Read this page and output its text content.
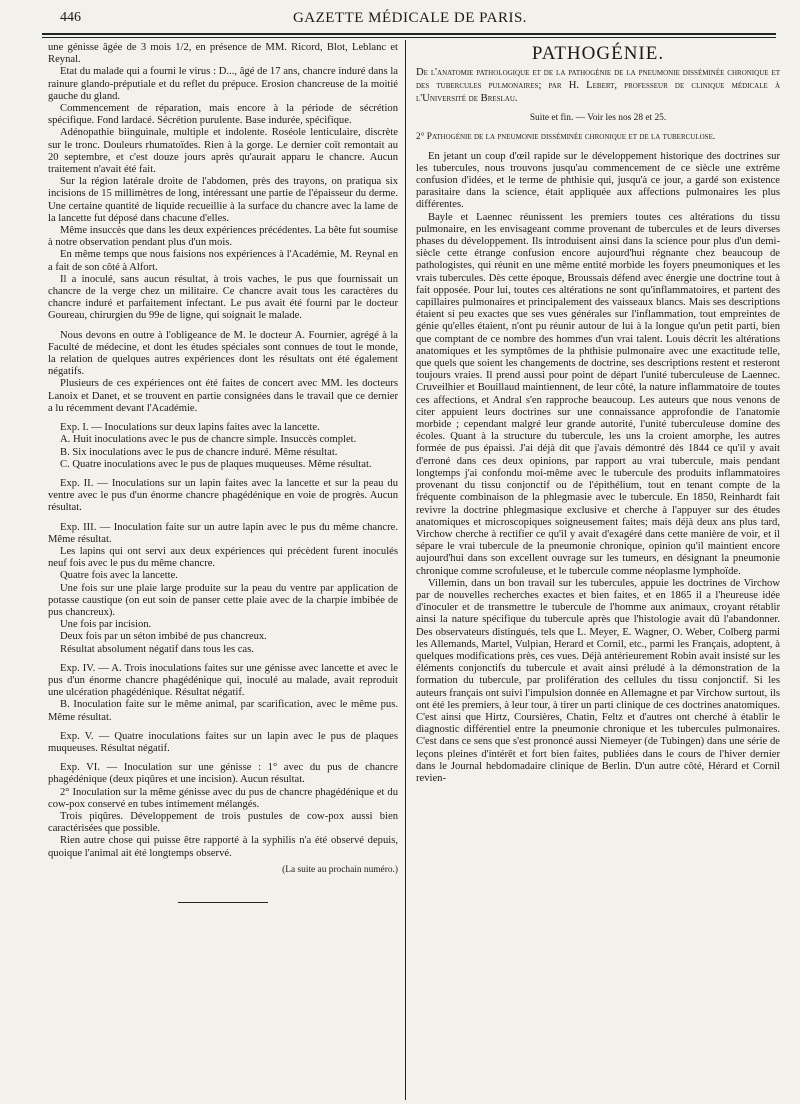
446	GAZETTE MÉDICALE DE PARIS.

une génisse âgée de 3 mois 1/2, en présence de MM. Ricord, Blot, Leblanc et Reynal.

Etat du malade qui a fourni le virus : D..., âgé de 17 ans, chancre induré dans la rainure glando-préputiale et du reflet du prépuce. Erosion chancreuse de la moitié gauche du gland.

Commencement de réparation, mais encore à la période de sécrétion spécifique. Fond lardacé. Sécrétion purulente. Base indurée, spécifique.

Adénopathie biinguinale, multiple et indolente. Roséole lenticulaire, discrète sur le tronc. Douleurs rhumatoïdes. Rien à la gorge. Le dernier coït remontait au 20 septembre, et c'est douze jours après qu'aurait apparu le chancre. Aucun traitement n'avait été fait.

Sur la région latérale droite de l'abdomen, près des trayons, on pratiqua six incisions de 15 millimètres de long, intéressant une partie de l'épaisseur du derme. Une certaine quantité de liquide recueillie à la surface du chancre avec la lame de la lancette fut déposé dans chacune d'elles.

Même insuccès que dans les deux expériences précédentes. La bête fut soumise à notre observation pendant plus d'un mois.

En même temps que nous faisions nos expériences à l'Académie, M. Reynal en a fait de son côté à Alfort.

Il a inoculé, sans aucun résultat, à trois vaches, le pus que fournissait un chancre de la verge chez un militaire. Ce chancre avait tous les caractères du chancre induré et parfaitement infectant. Le pus avait été fourni par le docteur Goureau, chirurgien du 99e de ligne, qui soignait le malade.

Nous devons en outre à l'obligeance de M. le docteur A. Fournier, agrégé à la Faculté de médecine, et dont les études spéciales sont connues de tout le monde, la relation de quelques autres expériences dont les résultats ont été également négatifs.

Plusieurs de ces expériences ont été faites de concert avec MM. les docteurs Lanoix et Danet, et se trouvent en partie consignées dans le travail que ce dernier a lu récemment devant l'Académie.

Exp. I. — Inoculations sur deux lapins faites avec la lancette.

A. Huit inoculations avec le pus de chancre simple. Insuccès complet.

B. Six inoculations avec le pus de chancre induré. Même résultat.

C. Quatre inoculations avec le pus de plaques muqueuses. Même résultat.

Exp. II. — Inoculations sur un lapin faites avec la lancette et sur la peau du ventre avec le pus d'un énorme chancre phagédénique en voie de progrès. Aucun résultat.

Exp. III. — Inoculation faite sur un autre lapin avec le pus du même chancre. Même résultat.

Les lapins qui ont servi aux deux expériences qui précèdent furent inoculés neuf fois avec le pus du même chancre.

Quatre fois avec la lancette.

Une fois sur une plaie large produite sur la peau du ventre par application de potasse caustique (on eut soin de panser cette plaie avec de la charpie imbibée de pus chancreux).

Une fois par incision.

Deux fois par un séton imbibé de pus chancreux.

Résultat absolument négatif dans tous les cas.

Exp. IV. — A. Trois inoculations faites sur une génisse avec lancette et avec le pus d'un énorme chancre phagédénique qui, inoculé au malade, avait reproduit une ulcération phagédénique. Résultat négatif.

B. Inoculation faite sur le même animal, par scarification, avec le même pus. Même résultat.

Exp. V. — Quatre inoculations faites sur un lapin avec le pus de plaques muqueuses. Résultat négatif.

Exp. VI. — Inoculation sur une génisse : 1° avec du pus de chancre phagédénique (deux piqûres et une incision). Aucun résultat.

2° Inoculation sur la même génisse avec du pus de chancre phagédénique et du cow-pox conservé en tubes intimement mélangés.

Trois piqûres. Développement de trois pustules de cow-pox aussi bien caractérisées que possible.

Rien autre chose qui puisse être rapporté à la syphilis n'a été observé depuis, quoique l'animal ait été longtemps observé.

(La suite au prochain numéro.)

PATHOGÉNIE.

De l'anatomie pathologique et de la pathogénie de la pneumonie disséminée chronique et des tubercules pulmonaires; par H. Lebert, professeur de clinique médicale à l'Université de Breslau.

Suite et fin. — Voir les nos 28 et 25.

2° Pathogénie de la pneumonie disséminée chronique et de la tuberculose.

En jetant un coup d'œil rapide sur le développement historique des doctrines sur les tubercules, nous trouvons jusqu'au commencement de ce siècle une extrême confusion d'idées, et le terme de phthisie qui, jusqu'à ce jour, a gardé son existence parasitaire dans la science, était appliquée aux affections pulmonaires les plus différentes.

Bayle et Laennec réunissent les premiers toutes ces altérations du tissu pulmonaire, en les envisageant comme provenant de tubercules et de leurs diverses phases du développement. Ils introduisent ainsi dans la science pour plus d'un demi-siècle cette étrange confusion encore aujourd'hui régnante chez beaucoup de pathologistes, qui réunit en une même entité morbide les foyers pneumoniques et les vrais tubercules. Dès cette époque, Broussais défend avec énergie une doctrine tout à fait opposée. Pour lui, toutes ces altérations ne sont qu'inflammatoires, et partent des capillaires pulmonaires et principalement des vaisseaux blancs. Mais ses descriptions étaient si peu exactes que ses vues générales sur l'inflammation, tout empreintes de génie qu'elles étaient, n'ont pu réunir autour de lui à la longue qu'un petit parti, bien que comptant de ce nombre des hommes d'un vrai talent. Louis décrit les altérations anatomiques et les symptômes de la phthisie pulmonaire avec une exactitude telle, que quels que soient les changements de doctrine, ses descriptions restent et resteront toujours vraies. Il prend aussi pour point de départ l'unité tuberculeuse de Laennec. Cruveilhier et Bouillaud maintiennent, de leur côté, la nature inflammatoire de toutes ces affections, et Andral s'en rapproche beaucoup. Les auteurs que nous venons de citer appuient leurs doctrines sur une connaissance approfondie de l'anatomie morbide ; cependant malgré leur grande autorité, l'unité tuberculeuse domine des écoles. Quant à la structure du tubercule, les uns la croient amorphe, les autres formée de pus épaissi. J'ai déjà dit que j'avais démontré dès 1844 ce qu'il y avait d'erroné dans ces deux opinions, par rapport au vrai tubercule, mais pendant longtemps j'ai confondu moi-même avec le tubercule des produits inflammatoires provenant du tissu conjonctif ou de l'épithélium, tout en tenant compte de la fréquente combinaison de la phlegmasie avec le tubercule. En 1850, Reinhardt fait revivre la doctrine phlegmasique exclusive et cherche à l'appuyer sur des études anatomiques et microscopiques soigneusement faites; mais déjà deux ans plus tard, Virchow cherche à rectifier ce qu'il y avait d'exagéré dans cette manière de voir, et il sépare le vrai tubercule de la pneumonie chronique, opinion qu'il maintient encore aujourd'hui dans son excellent ouvrage sur les tumeurs, en désignant la pneumonie chronique comme scrofuleuse, et le tubercule comme néoplasme lymphoïde.

Villemin, dans un bon travail sur les tubercules, appuie les doctrines de Virchow par de nouvelles recherches exactes et bien faites, et en 1865 il a l'heureuse idée d'inoculer et de transmettre le tubercule de l'homme aux animaux, croyant rétablir ainsi la nature spécifique du tubercule après que l'histologie avait dû l'abandonner. Des observateurs distingués, tels que L. Meyer, E. Wagner, O. Weber, Colberg parmi les Allemands, Martel, Vulpian, Herard et Cornil, etc., parmi les Français, adoptent, à quelques modifications près, ces vues. Déjà antérieurement Robin avait insisté sur les éléments conjonctifs du tubercule et avait ainsi préludé à la démonstration de la formation du tubercule, par prolifération des cellules du tissu conjonctif. Si les auteurs français ont suivi l'impulsion donnée en Allemagne et par Virchow surtout, ils ont été les premiers, à leur tour, à tirer un parti clinique de ces doctrines anatomiques. C'est ainsi que Hirtz, Coursières, Chatin, Feltz et d'autres ont cherché à établir le diagnostic différentiel entre la pneumonie chronique et les tubercules pulmonaires. C'est dans ce sens que s'est prononcé aussi Niemeyer (de Tubingen) dans une série de leçons pleines d'intérêt et fort bien faites, publiées dans le cours de l'hiver dernier dans le Journal hebdomadaire clinique de Berlin. D'un autre côté, Hérard et Cornil revien-
